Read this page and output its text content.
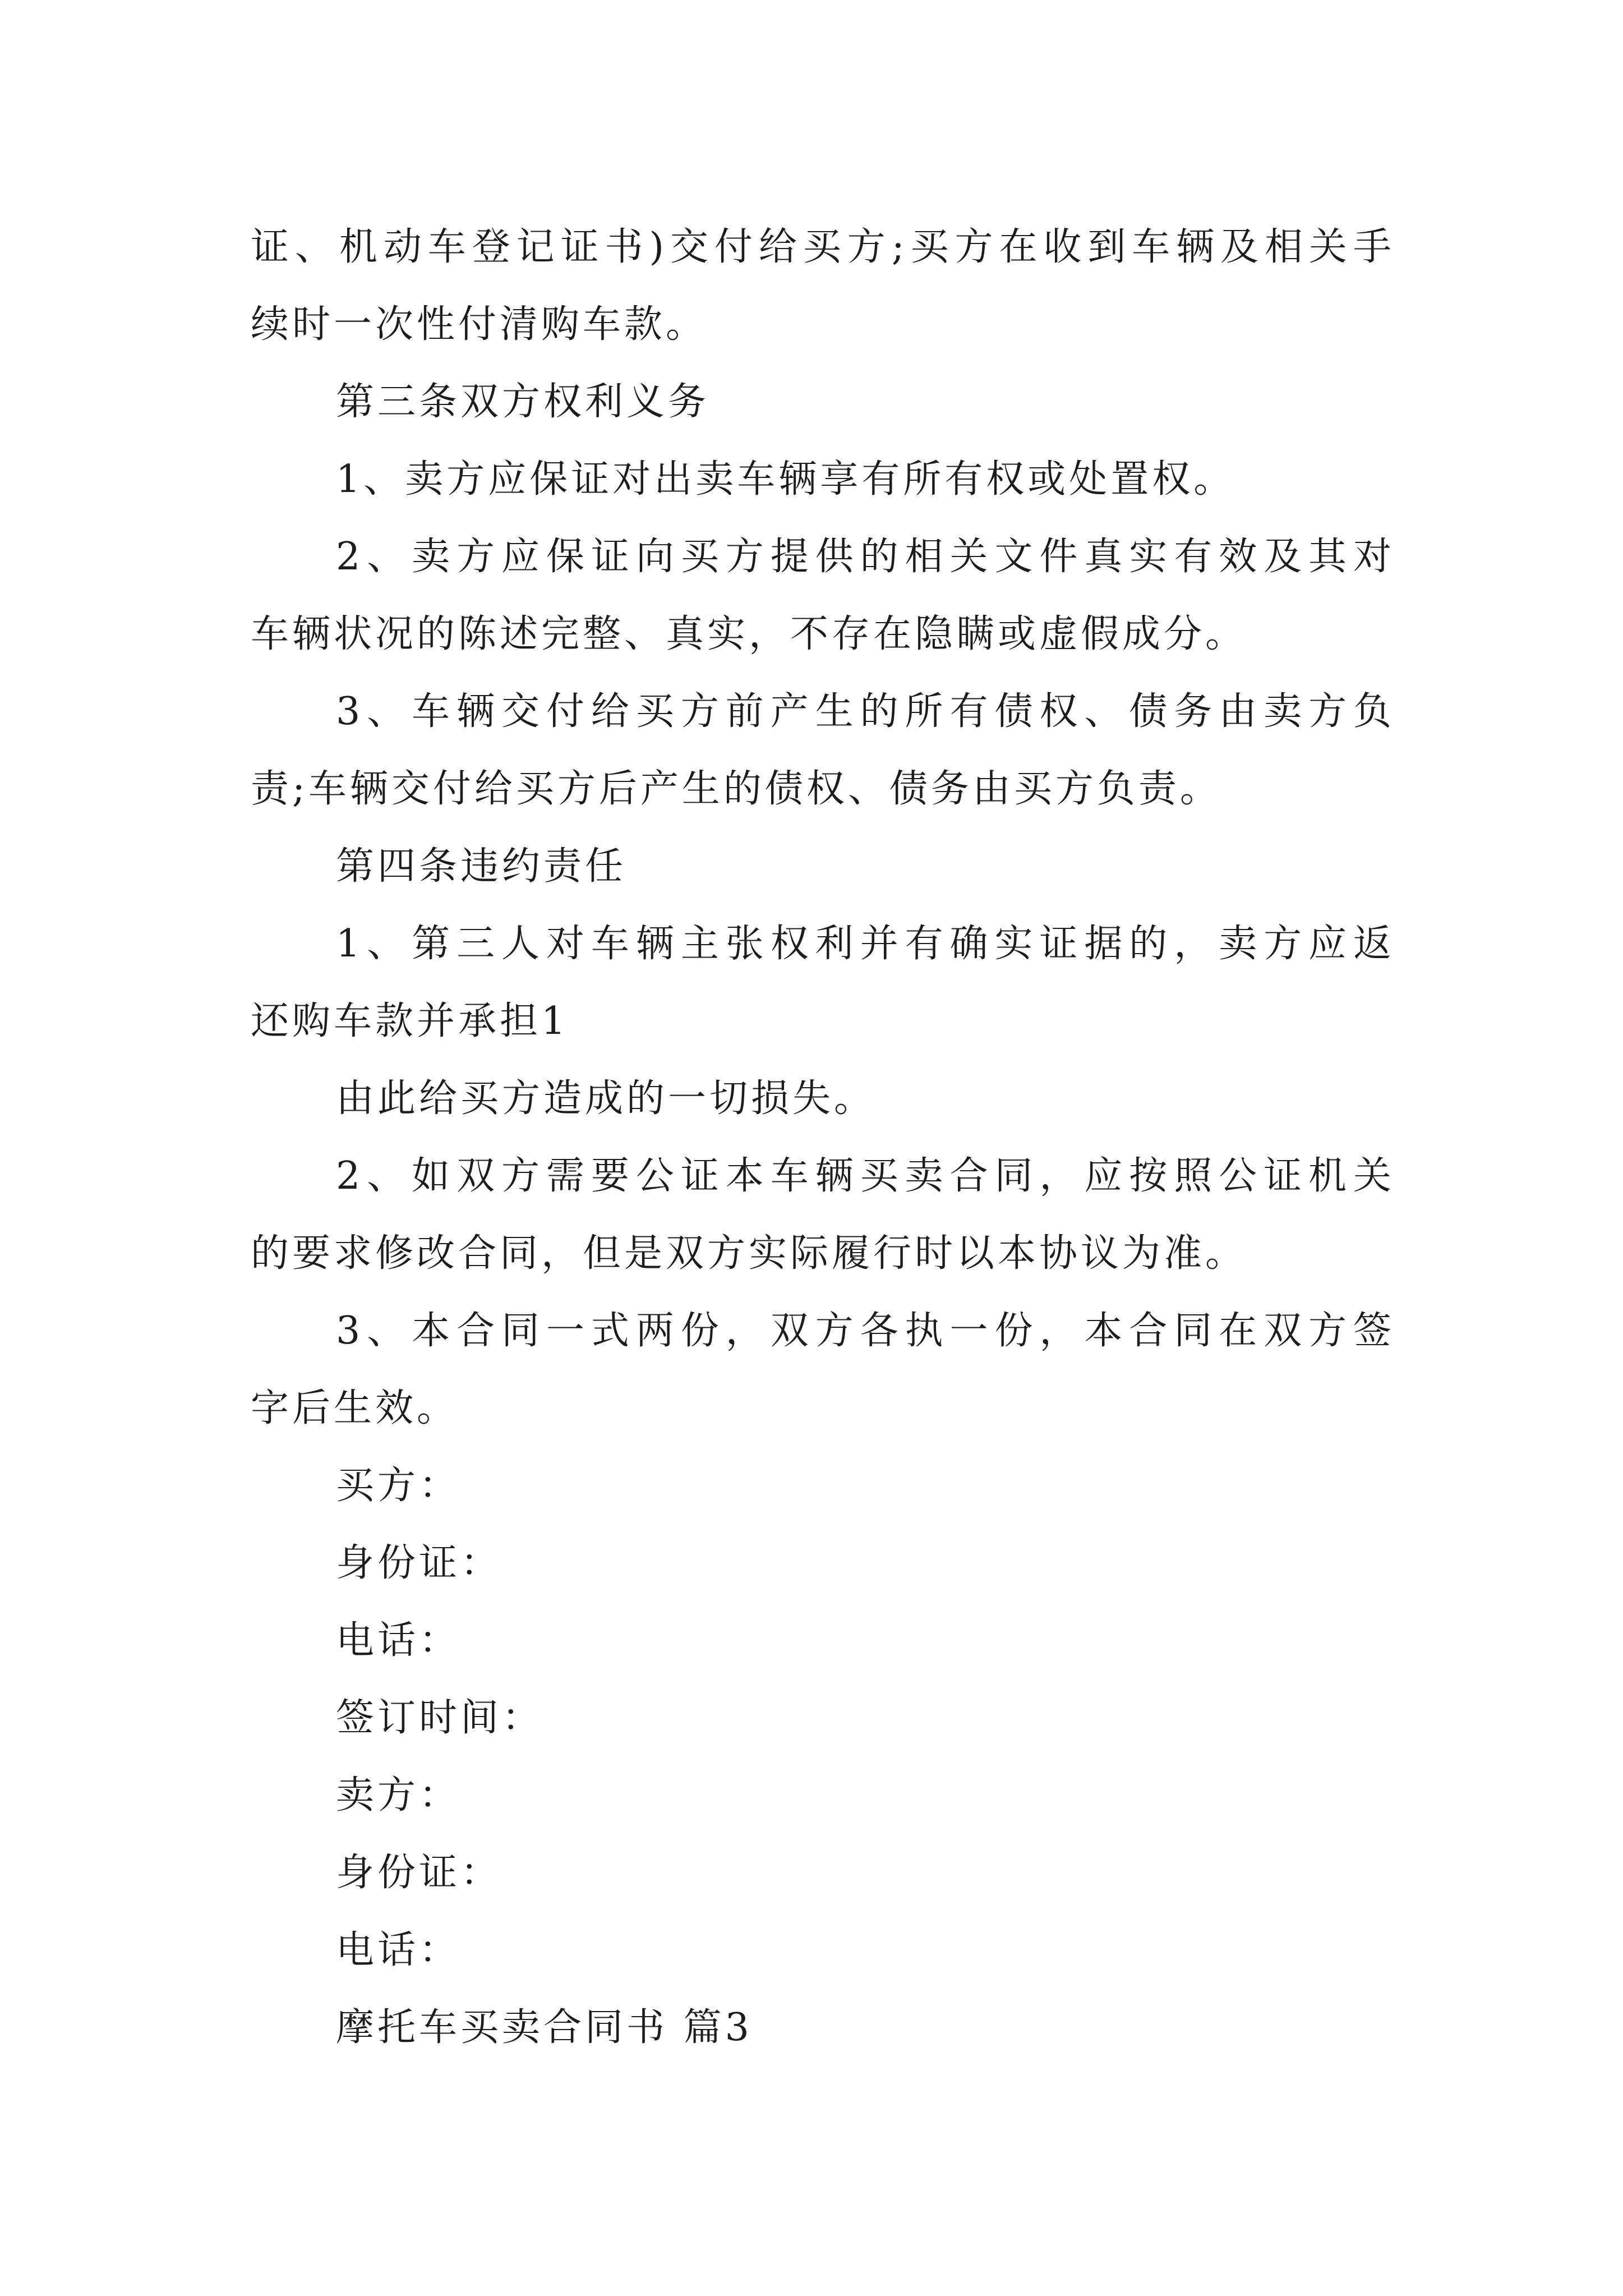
证、机动车登记证书)交付给买方;买方在收到车辆及相关手
续时一次性付清购车款。
第三条双方权利义务
1、卖方应保证对出卖车辆享有所有权或处置权。
2、卖方应保证向买方提供的相关文件真实有效及其对
车辆状况的陈述完整、真实，不存在隐瞒或虚假成分。
3、车辆交付给买方前产生的所有债权、债务由卖方负
责;车辆交付给买方后产生的债权、债务由买方负责。
第四条违约责任
1、第三人对车辆主张权利并有确实证据的，卖方应返
还购车款并承担1
由此给买方造成的一切损失。
2、如双方需要公证本车辆买卖合同，应按照公证机关
的要求修改合同，但是双方实际履行时以本协议为准。
3、本合同一式两份，双方各执一份，本合同在双方签
字后生效。
买方：
身份证：
电话：
签订时间：
卖方：
身份证：
电话：
摩托车买卖合同书 篇3
